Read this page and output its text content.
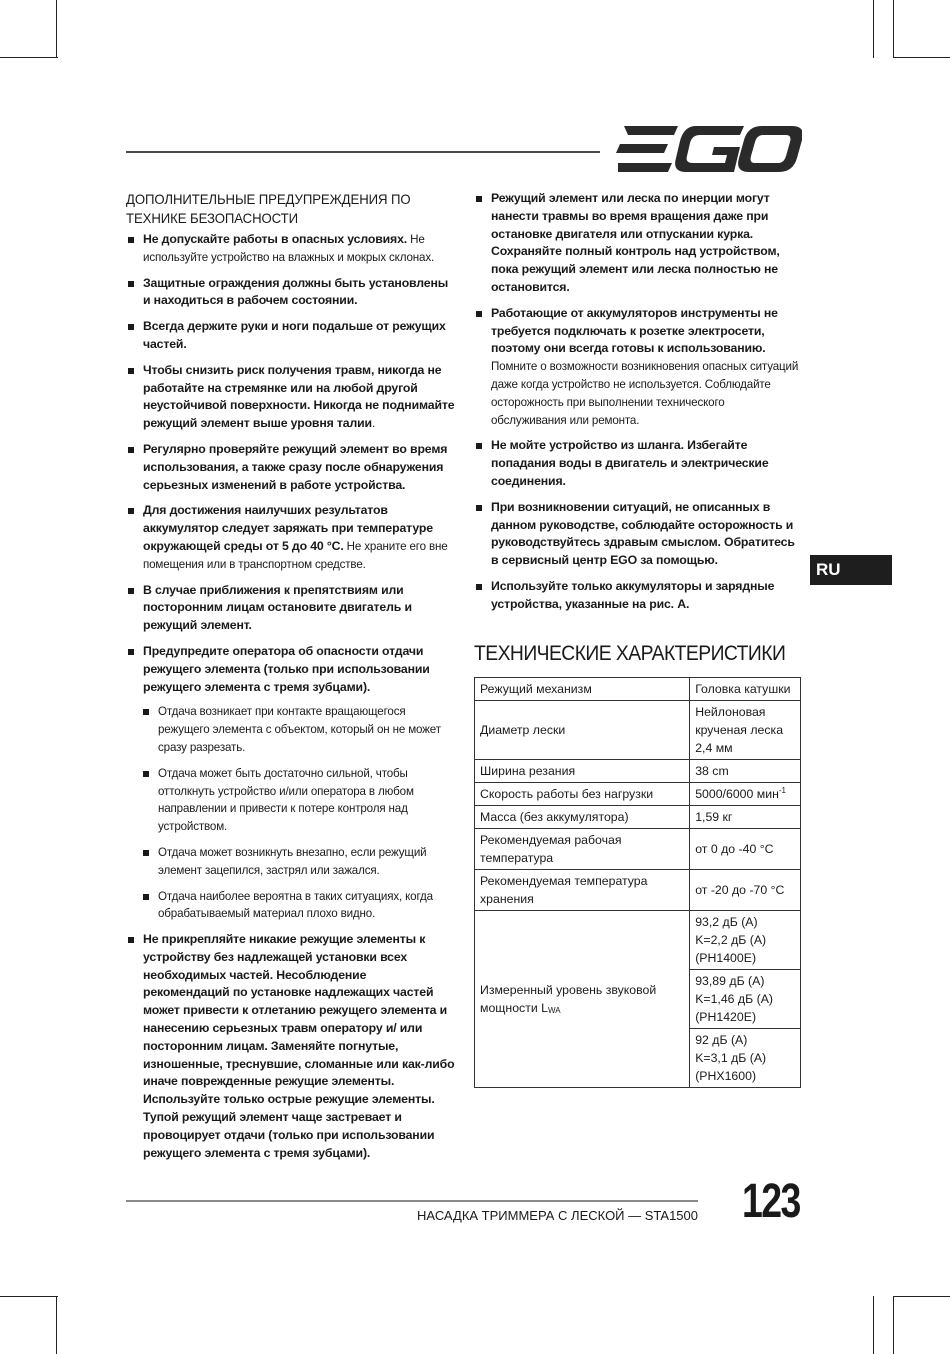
ДОПОЛНИТЕЛЬНЫЕ ПРЕДУПРЕЖДЕНИЯ ПО ТЕХНИКЕ БЕЗОПАСНОСТИ
Не допускайте работы в опасных условиях. Не используйте устройство на влажных и мокрых склонах.
Защитные ограждения должны быть установлены и находиться в рабочем состоянии.
Всегда держите руки и ноги подальше от режущих частей.
Чтобы снизить риск получения травм, никогда не работайте на стремянке или на любой другой неустойчивой поверхности. Никогда не поднимайте режущий элемент выше уровня талии.
Регулярно проверяйте режущий элемент во время использования, а также сразу после обнаружения серьезных изменений в работе устройства.
Для достижения наилучших результатов аккумулятор следует заряжать при температуре окружающей среды от 5 до 40 °C. Не храните его вне помещения или в транспортном средстве.
В случае приближения к препятствиям или посторонним лицам остановите двигатель и режущий элемент.
Предупредите оператора об опасности отдачи режущего элемента (только при использовании режущего элемента с тремя зубцами).
Отдача возникает при контакте вращающегося режущего элемента с объектом, который он не может сразу разрезать.
Отдача может быть достаточно сильной, чтобы оттолкнуть устройство и/или оператора в любом направлении и привести к потере контроля над устройством.
Отдача может возникнуть внезапно, если режущий элемент зацепился, застрял или зажался.
Отдача наиболее вероятна в таких ситуациях, когда обрабатываемый материал плохо видно.
Не прикрепляйте никакие режущие элементы к устройству без надлежащей установки всех необходимых частей. Несоблюдение рекомендаций по установке надлежащих частей может привести к отлетанию режущего элемента и нанесению серьезных травм оператору и/ или посторонним лицам. Заменяйте погнутые, изношенные, треснувшие, сломанные или как-либо иначе поврежденные режущие элементы. Используйте только острые режущие элементы. Тупой режущий элемент чаще застревает и провоцирует отдачи (только при использовании режущего элемента с тремя зубцами).
Режущий элемент или леска по инерции могут нанести травмы во время вращения даже при остановке двигателя или отпускании курка. Сохраняйте полный контроль над устройством, пока режущий элемент или леска полностью не остановится.
Работающие от аккумуляторов инструменты не требуется подключать к розетке электросети, поэтому они всегда готовы к использованию. Помните о возможности возникновения опасных ситуаций даже когда устройство не используется. Соблюдайте осторожность при выполнении технического обслуживания или ремонта.
Не мойте устройство из шланга. Избегайте попадания воды в двигатель и электрические соединения.
При возникновении ситуаций, не описанных в данном руководстве, соблюдайте осторожность и руководствуйтесь здравым смыслом. Обратитесь в сервисный центр EGO за помощью.
Используйте только аккумуляторы и зарядные устройства, указанные на рис. А.
ТЕХНИЧЕСКИЕ ХАРАКТЕРИСТИКИ
Режущий механизм	Головка катушки
Диаметр лески	Нейлоновая крученая леска 2,4 мм
Ширина резания	38 cm
Скорость работы без нагрузки	5000/6000 мин$^{-1}$
Масса (без аккумулятора)	1,59 кг
Рекомендуемая рабочая температура	от 0 до -40 °C
Рекомендуемая температура хранения	от -20 до -70 °C
Измеренный уровень звуковой мощности $L_{WA}$	93,2 дБ (A)
K=2,2 дБ (A)
(PH1400E)

	93,89 дБ (A)
K=1,46 дБ (A)
(PH1420E)

	92 дБ (A)
K=3,1 дБ (A)
(PHX1600)
RU
НАСАДКА ТРИММЕРА С ЛЕСКОЙ — STA1500 123
